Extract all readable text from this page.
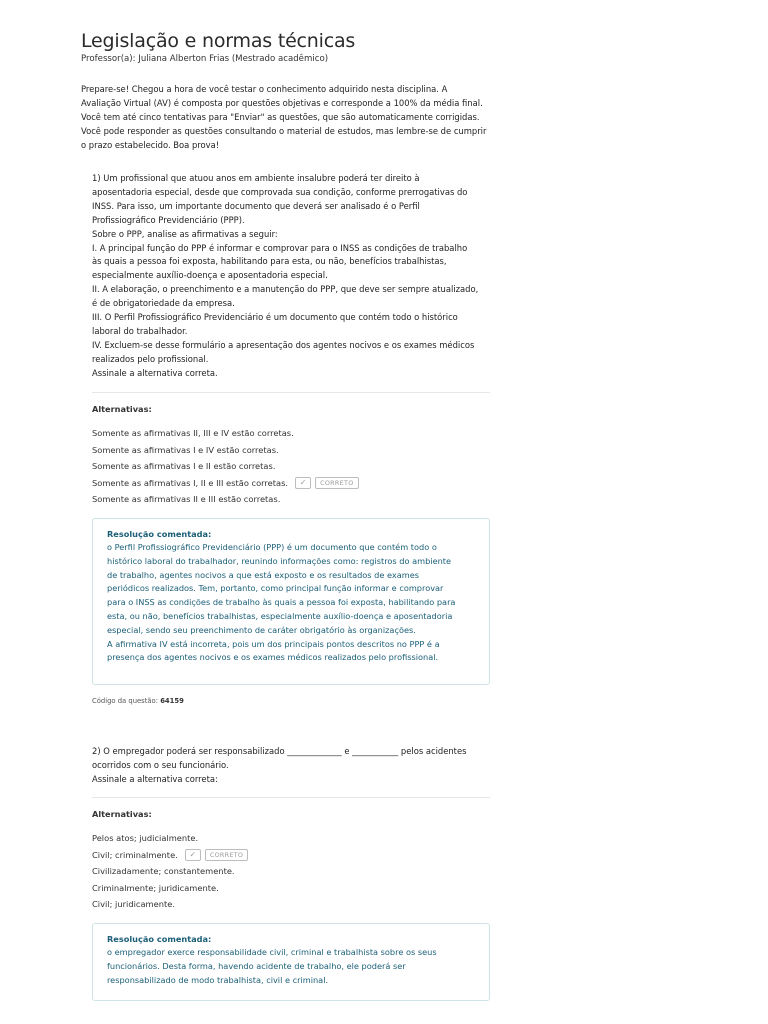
Legislação e normas técnicas
Professor(a): Juliana Alberton Frias (Mestrado acadêmico)
Prepare-se! Chegou a hora de você testar o conhecimento adquirido nesta disciplina. A
Avaliação Virtual (AV) é composta por questões objetivas e corresponde a 100% da média final.
Você tem até cinco tentativas para "Enviar" as questões, que são automaticamente corrigidas.
Você pode responder as questões consultando o material de estudos, mas lembre-se de cumprir
o prazo estabelecido. Boa prova!
1) Um profissional que atuou anos em ambiente insalubre poderá ter direito à
aposentadoria especial, desde que comprovada sua condição, conforme prerrogativas do
INSS. Para isso, um importante documento que deverá ser analisado é o Perfil
Profissiográfico Previdenciário (PPP).
Sobre o PPP, analise as afirmativas a seguir:
I. A principal função do PPP é informar e comprovar para o INSS as condições de trabalho
às quais a pessoa foi exposta, habilitando para esta, ou não, benefícios trabalhistas,
especialmente auxílio-doença e aposentadoria especial.
II. A elaboração, o preenchimento e a manutenção do PPP, que deve ser sempre atualizado,
é de obrigatoriedade da empresa.
III. O Perfil Profissiográfico Previdenciário é um documento que contém todo o histórico
laboral do trabalhador.
IV. Excluem-se desse formulário a apresentação dos agentes nocivos e os exames médicos
realizados pelo profissional.
Assinale a alternativa correta.
Alternativas:
Somente as afirmativas II, III e IV estão corretas.
Somente as afirmativas I e IV estão corretas.
Somente as afirmativas I e II estão corretas.
Somente as afirmativas I, II e III estão corretas.	✓	CORRETO
Somente as afirmativas II e III estão corretas.
Resolução comentada:
o Perfil Profissiográfico Previdenciário (PPP) é um documento que contém todo o
histórico laboral do trabalhador, reunindo informações como: registros do ambiente
de trabalho, agentes nocivos a que está exposto e os resultados de exames
periódicos realizados. Tem, portanto, como principal função informar e comprovar
para o INSS as condições de trabalho às quais a pessoa foi exposta, habilitando para
esta, ou não, benefícios trabalhistas, especialmente auxílio-doença e aposentadoria
especial, sendo seu preenchimento de caráter obrigatório às organizações.
A afirmativa IV está incorreta, pois um dos principais pontos descritos no PPP é a
presença dos agentes nocivos e os exames médicos realizados pelo profissional.
Código da questão: 64159
2) O empregador poderá ser responsabilizado _____________ e ___________ pelos acidentes
ocorridos com o seu funcionário.
Assinale a alternativa correta:
Alternativas:
Pelos atos; judicialmente.
Civil; criminalmente.	✓	CORRETO
Civilizadamente; constantemente.
Criminalmente; juridicamente.
Civil; juridicamente.
Resolução comentada:
o empregador exerce responsabilidade civil, criminal e trabalhista sobre os seus
funcionários. Desta forma, havendo acidente de trabalho, ele poderá ser
responsabilizado de modo trabalhista, civil e criminal.
